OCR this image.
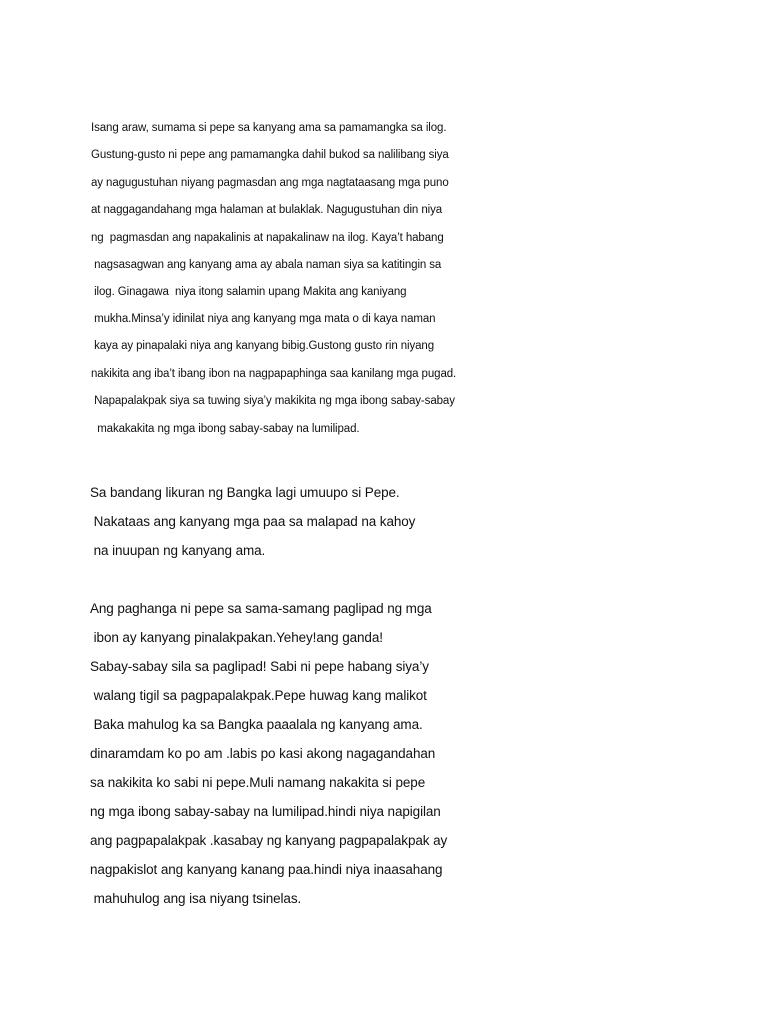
Isang araw, sumama si pepe sa kanyang ama sa pamamangka sa ilog.
Gustung-gusto ni pepe ang pamamangka dahil bukod sa nalilibang siya
ay nagugustuhan niyang pagmasdan ang mga nagtataasang mga puno
at naggagandahang mga halaman at bulaklak. Nagugustuhan din niya
ng  pagmasdan ang napakalinis at napakalinaw na ilog. Kaya’t habang
nagsasagwan ang kanyang ama ay abala naman siya sa katitingin sa
ilog. Ginagawa  niya itong salamin upang Makita ang kaniyang
mukha.Minsa’y idinilat niya ang kanyang mga mata o di kaya naman
kaya ay pinapalaki niya ang kanyang bibig.Gustong gusto rin niyang
nakikita ang iba’t ibang ibon na nagpapaphinga saa kanilang mga pugad.
Napapalakpak siya sa tuwing siya’y makikita ng mga ibong sabay-sabay
makakakita ng mga ibong sabay-sabay na lumilipad.
Sa bandang likuran ng Bangka lagi umuupo si Pepe.
Nakataas ang kanyang mga paa sa malapad na kahoy
na inuupan ng kanyang ama.
Ang paghanga ni pepe sa sama-samang paglipad ng mga
ibon ay kanyang pinalakpakan.Yehey!ang ganda!
Sabay-sabay sila sa paglipad! Sabi ni pepe habang siya’y
walang tigil sa pagpapalakpak.Pepe huwag kang malikot
Baka mahulog ka sa Bangka paaalala ng kanyang ama.
dinaramdam ko po am .labis po kasi akong nagagandahan
sa nakikita ko sabi ni pepe.Muli namang nakakita si pepe
ng mga ibong sabay-sabay na lumilipad.hindi niya napigilan
ang pagpapalakpak .kasabay ng kanyang pagpapalakpak ay
nagpakislot ang kanyang kanang paa.hindi niya inaasahang
mahuhulog ang isa niyang tsinelas.
